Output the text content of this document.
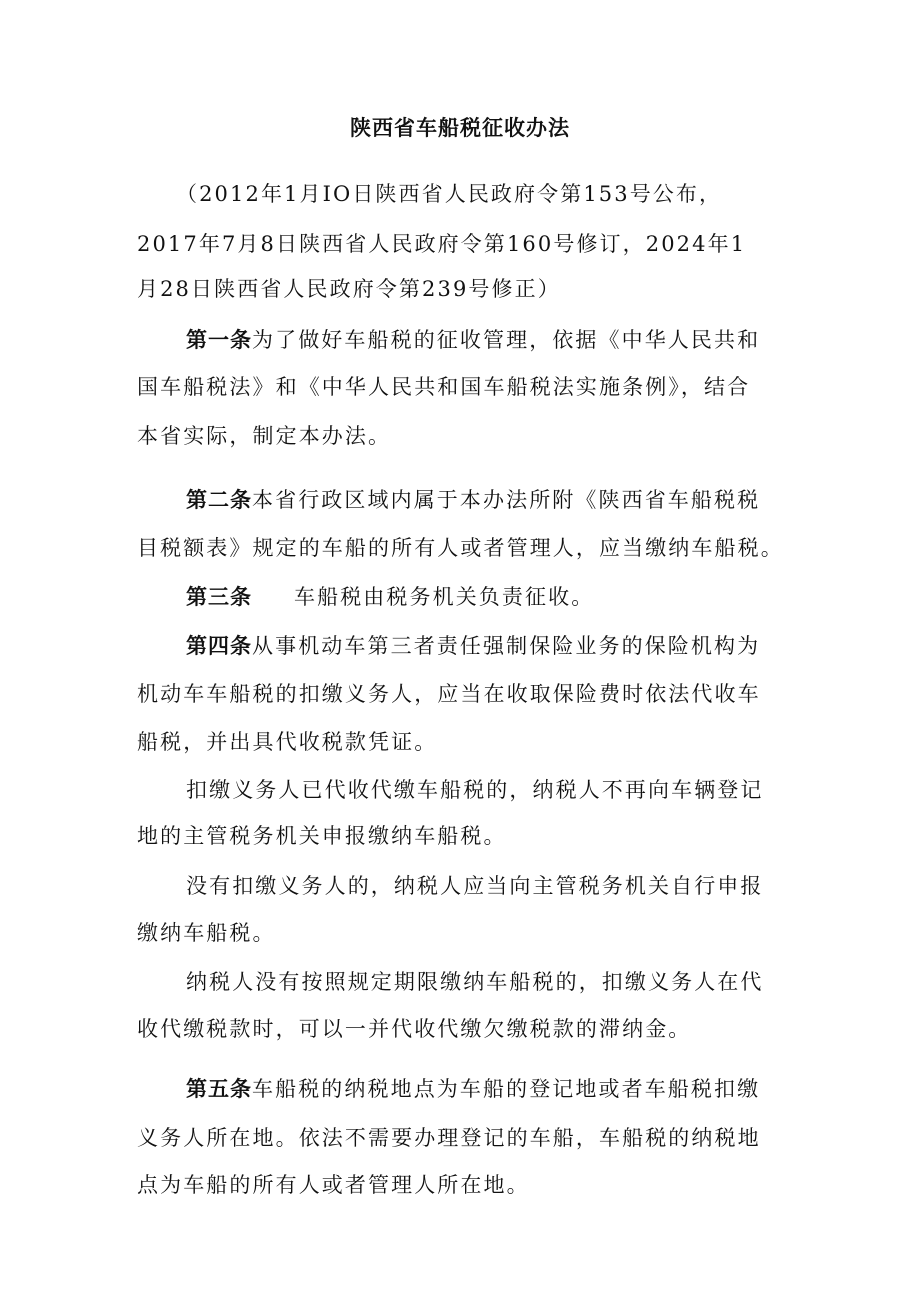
陕西省车船税征收办法
（2012年1月IO日陕西省人民政府令第153号公布，
2017年7月8日陕西省人民政府令第160号修订，2024年1
月28日陕西省人民政府令第239号修正）
第一条为了做好车船税的征收管理，依据《中华人民共和
国车船税法》和《中华人民共和国车船税法实施条例》，结合
本省实际，制定本办法。
第二条本省行政区域内属于本办法所附《陕西省车船税税
目税额表》规定的车船的所有人或者管理人，应当缴纳车船税。
第三条 车船税由税务机关负责征收。
第四条从事机动车第三者责任强制保险业务的保险机构为
机动车车船税的扣缴义务人，应当在收取保险费时依法代收车
船税，并出具代收税款凭证。
扣缴义务人已代收代缴车船税的，纳税人不再向车辆登记
地的主管税务机关申报缴纳车船税。
没有扣缴义务人的，纳税人应当向主管税务机关自行申报
缴纳车船税。
纳税人没有按照规定期限缴纳车船税的，扣缴义务人在代
收代缴税款时，可以一并代收代缴欠缴税款的滞纳金。
第五条车船税的纳税地点为车船的登记地或者车船税扣缴
义务人所在地。依法不需要办理登记的车船，车船税的纳税地
点为车船的所有人或者管理人所在地。
